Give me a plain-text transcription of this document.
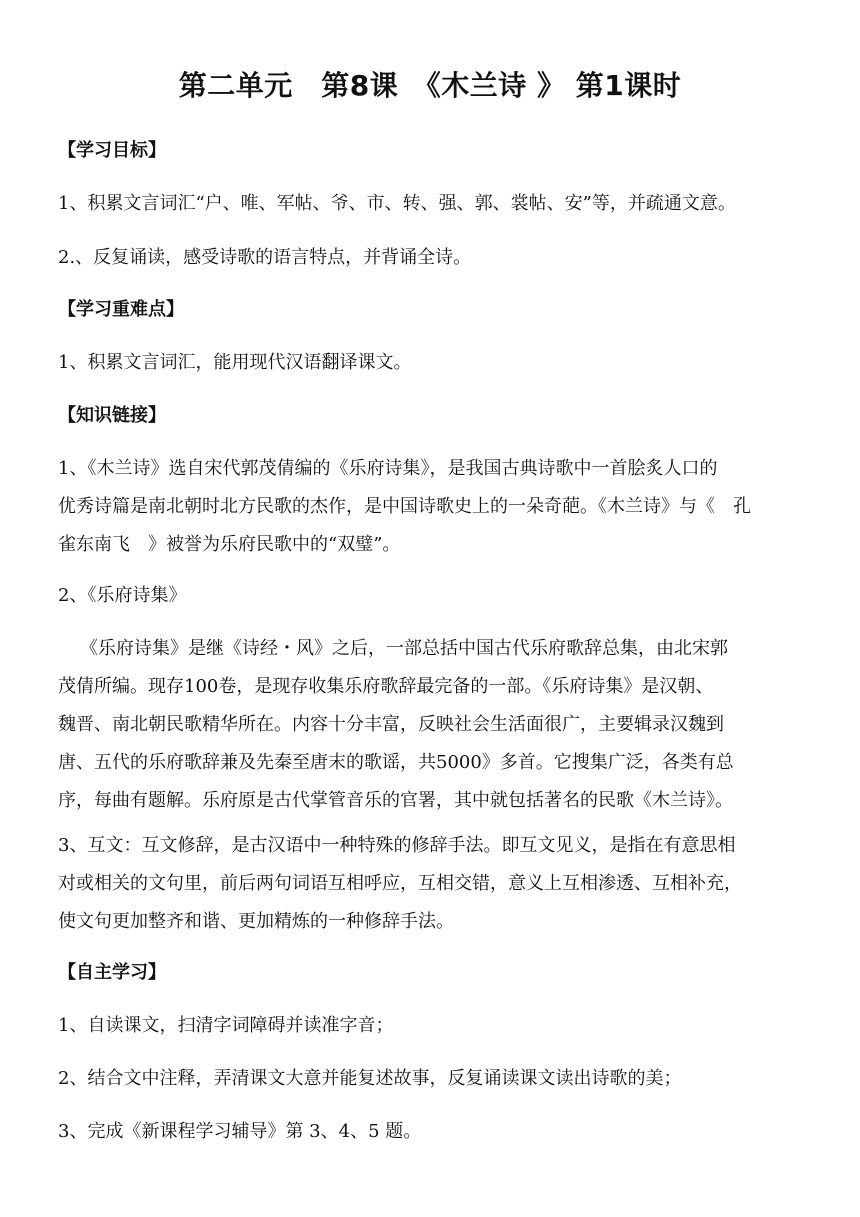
第二单元　第8课　《木兰诗 》 第1课时
【学习目标】
1、积累文言词汇“户、唯、军帖、爷、市、转、强、郭、裳帖、安”等，并疏通文意。
2.、反复诵读，感受诗歌的语言特点，并背诵全诗。
【学习重难点】
1、积累文言词汇，能用现代汉语翻译课文。
【知识链接】
1、《木兰诗》选自宋代郭茂倩编的《乐府诗集》，是我国古典诗歌中一首脍炙人口的
优秀诗篇是南北朝时北方民歌的杰作，是中国诗歌史上的一朵奇葩。《木兰诗》与《　孔
雀东南飞　》被誉为乐府民歌中的“双璧”。
2、《乐府诗集》
《乐府诗集》是继《诗经・风》之后，一部总括中国古代乐府歌辞总集，由北宋郭
茂倩所编。现存100卷，是现存收集乐府歌辞最完备的一部。《乐府诗集》是汉朝、
魏晋、南北朝民歌精华所在。内容十分丰富，反映社会生活面很广，主要辑录汉魏到
唐、五代的乐府歌辞兼及先秦至唐末的歌谣，共5000》多首。它搜集广泛，各类有总
序，每曲有题解。乐府原是古代掌管音乐的官署，其中就包括著名的民歌《木兰诗》。
3、互文：互文修辞，是古汉语中一种特殊的修辞手法。即互文见义，是指在有意思相
对或相关的文句里，前后两句词语互相呼应，互相交错，意义上互相渗透、互相补充，
使文句更加整齐和谐、更加精炼的一种修辞手法。
【自主学习】
1、自读课文，扫清字词障碍并读准字音；
2、结合文中注释，弄清课文大意并能复述故事，反复诵读课文读出诗歌的美；
3、完成《新课程学习辅导》第 3、4、5 题。
